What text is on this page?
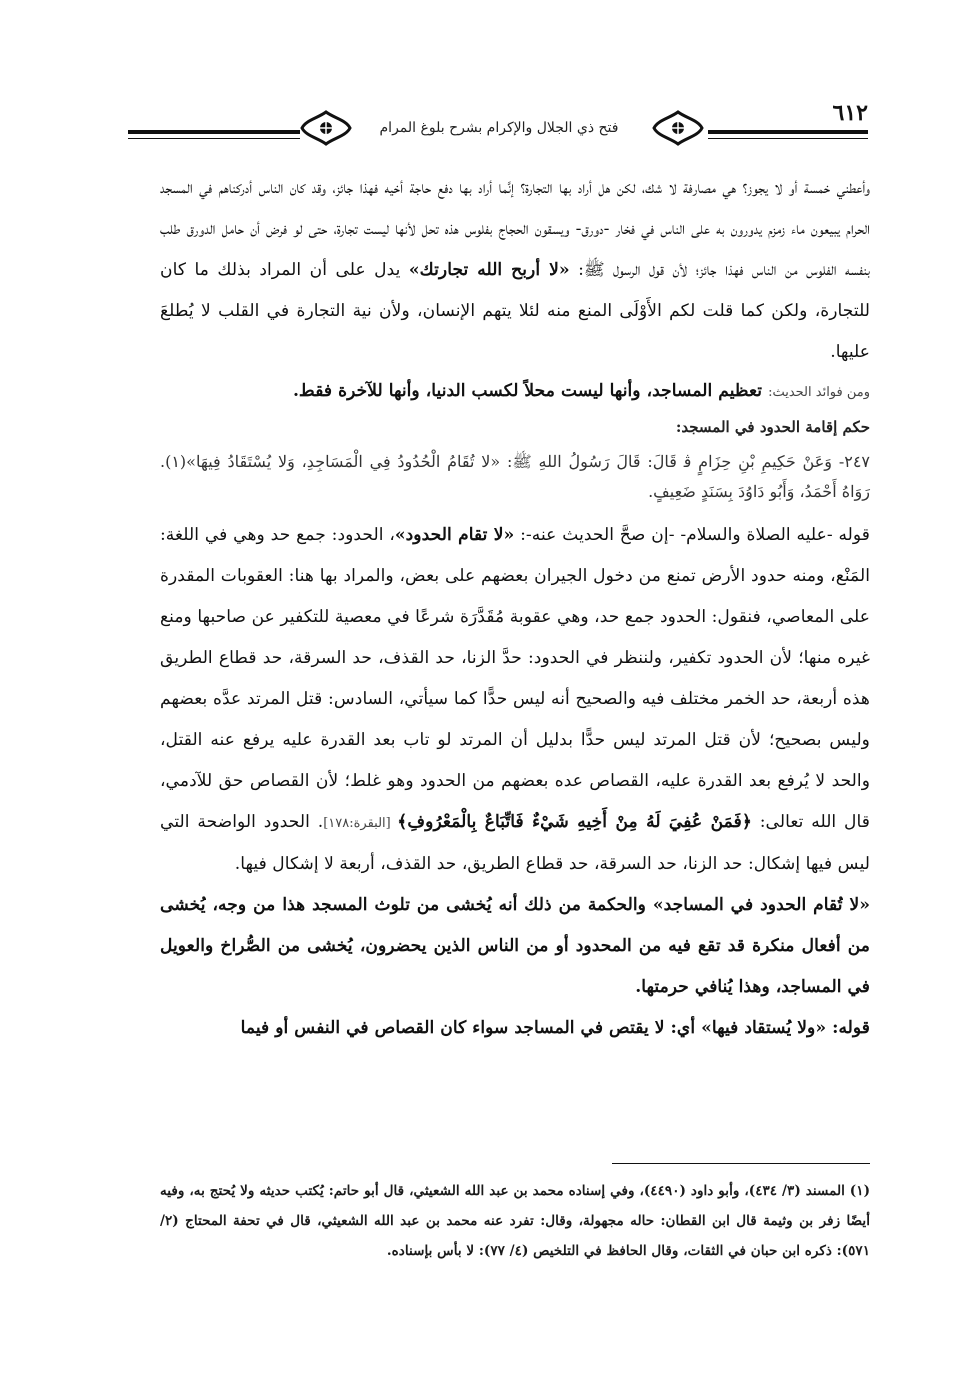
٦١٢
فتح ذي الجلال والإكرام بشرح بلوغ المرام

وأعطني خمسة أو لا يجوز؟ هي مصارفة لا شك، لكن هل أراد بها التجارة؟ إنَّما أراد بها دفع حاجة أخيه فهذا جائز، وقد كان الناس أدركناهم في المسجد الحرام يبيعون ماء زمزم يدورون به على الناس في فخار -دورق- ويسقون الحجاج بفلوس هذه تحل لأنها ليست تجارة، حتى لو فرض أن حامل الدورق طلب بنفسه الفلوس من الناس فهذا جائز؛ لأن قول الرسول ﷺ: «لا أربح الله تجارتك» يدل على أن المراد بذلك ما كان للتجارة، ولكن كما قلت لكم الأَوْلَى المنع منه لئلا يتهم الإنسان، ولأن نية التجارة في القلب لا يُطلعَ عليها.

ومن فوائد الحديث: تعظيم المساجد، وأنها ليست محلاً لكسب الدنيا، وأنها للآخرة فقط.

حكم إقامة الحدود في المسجد:

٢٤٧- وَعَنْ حَكِيمِ بْنِ حِزَامٍ ﭬ قَالَ: قَالَ رَسُولُ اللهِ ﷺ: «لا تُقَامُ الْحُدُودُ فِي الْمَسَاجِدِ، وَلا يُسْتَقَادُ فِيهَا»(١). رَوَاهُ أَحْمَدُ، وَأَبُو دَاوُدَ بِسَنَدٍ ضَعِيفٍ.

قوله -عليه الصلاة والسلام- -إن صحَّ الحديث عنه-: «لا تقام الحدود»، الحدود: جمع حد وهي في اللغة: المَنْع، ومنه حدود الأرض تمنع من دخول الجيران بعضهم على بعض، والمراد بها هنا: العقوبات المقدرة على المعاصي، فنقول: الحدود جمع حد، وهي عقوبة مُقَدَّرَة شرعًا في معصية للتكفير عن صاحبها ومنع غيره منها؛ لأن الحدود تكفير، ولننظر في الحدود: حدَّ الزنا، حد القذف، حد السرقة، حد قطاع الطريق هذه أربعة، حد الخمر مختلف فيه والصحيح أنه ليس حدًّا كما سيأتي، السادس: قتل المرتد عدَّه بعضهم وليس بصحيح؛ لأن قتل المرتد ليس حدًّا بدليل أن المرتد لو تاب بعد القدرة عليه يرفع عنه القتل، والحد لا يُرفع بعد القدرة عليه، القصاص عده بعضهم من الحدود وهو غلط؛ لأن القصاص حق للآدمي، قال الله تعالى: ﴿فَمَنْ عُفِيَ لَهُ مِنْ أَخِيهِ شَيْءٌ فَاتِّبَاعٌ بِالْمَعْرُوفِ﴾ [البقرة:١٧٨]. الحدود الواضحة التي ليس فيها إشكال: حد الزنا، حد السرقة، حد قطاع الطريق، حد القذف، أربعة لا إشكال فيها.

«لا تُقام الحدود في المساجد» والحكمة من ذلك أنه يُخشى من تلوث المسجد هذا من وجه، يُخشى من أفعال منكرة قد تقع فيه من المحدود أو من الناس الذين يحضرون، يُخشى من الصُّراخ والعويل في المساجد، وهذا يُنافي حرمتها.

قوله: «ولا يُستقاد فيها» أي: لا يقتص في المساجد سواء كان القصاص في النفس أو فيما

(١) المسند (٣/ ٤٣٤)، وأبو داود (٤٤٩٠)، وفي إسناده محمد بن عبد الله الشعيثي، قال أبو حاتم: يُكتب حديثه ولا يُحتج به، وفيه أيضًا زفر بن وثيمة قال ابن القطان: حاله مجهولة، وقال: تفرد عنه محمد بن عبد الله الشعيثي، قال في تحفة المحتاج (٢/ ٥٧١): ذكره ابن حبان في الثقات، وقال الحافظ في التلخيص (٤/ ٧٧): لا بأس بإسناده.
